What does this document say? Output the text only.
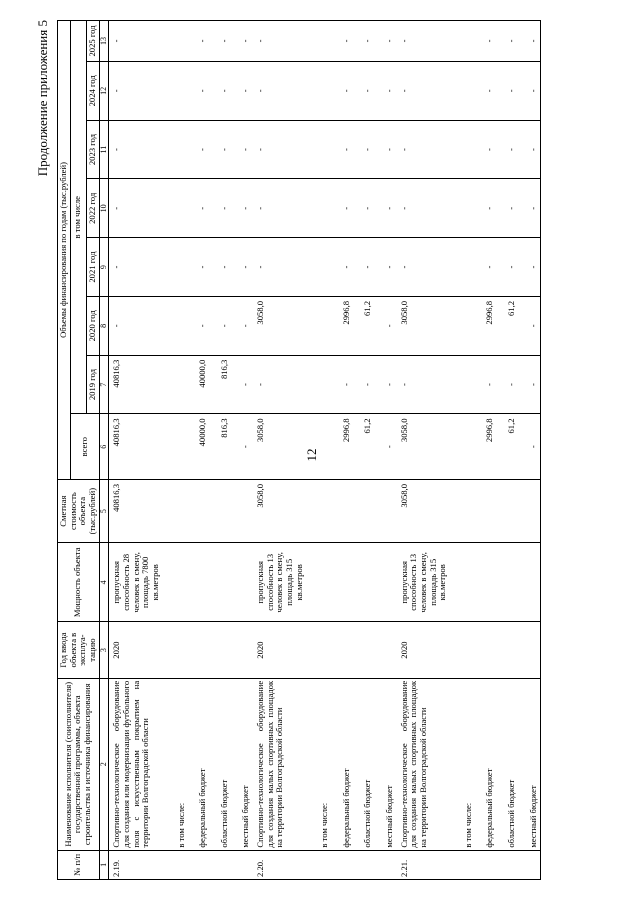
12
Продолжение приложения 5
№ п/п	Наименование исполнителя (соисполнителя) государственной программы, объекта строительства и источника финансирования	Год ввода объекта в эксплуа- тацию	Мощность объекта	Сметная стоимость объекта (тыс.рублей)	Объемы финансирования по годам (тыс.рублей)							
					всего	в том числе						
						2019 год	2020 год	2021 год	2022 год	2023 год	2024 год	2025 год
1	2	3	4	5	6	7	8	9	10	11	12	13
2.19.	Спортивно-технологическое оборудование для создания или модернизации футбольного поля с искусственным покрытием на территории Волгоградской области	2020	пропускная способность 28 человек в смену, площадь 7800 кв.метров	40816,3	40816,3	40816,3	-	-	-	-	-	-
	в том числе:											
	федеральный бюджет				40000,0	40000,0	-	-	-	-	-	-
	областной бюджет				816,3	816,3	-	-	-	-	-	-
	местный бюджет				-	-	-	-	-	-	-	-
2.20.	Спортивно-технологическое оборудование для создания малых спортивных площадок на территории Волгоградской области	2020	пропускная способность 13 человек в смену, площадь 315 кв.метров	3058,0	3058,0	-	3058,0	-	-	-	-	-
	в том числе:											
	федеральный бюджет				2996,8	-	2996,8	-	-	-	-	-
	областной бюджет				61,2	-	61,2	-	-	-	-	-
	местный бюджет				-	-	-	-	-	-	-	-
2.21.	Спортивно-технологическое оборудование для создания малых спортивных площадок на территории Волгоградской области	2020	пропускная способность 13 человек в смену, площадь 315 кв.метров	3058,0	3058,0	-	3058,0	-	-	-	-	-
	в том числе:											
	федеральный бюджет				2996,8	-	2996,8	-	-	-	-	-
	областной бюджет				61,2	-	61,2	-	-	-	-	-
	местный бюджет				-	-	-	-	-	-	-	-
